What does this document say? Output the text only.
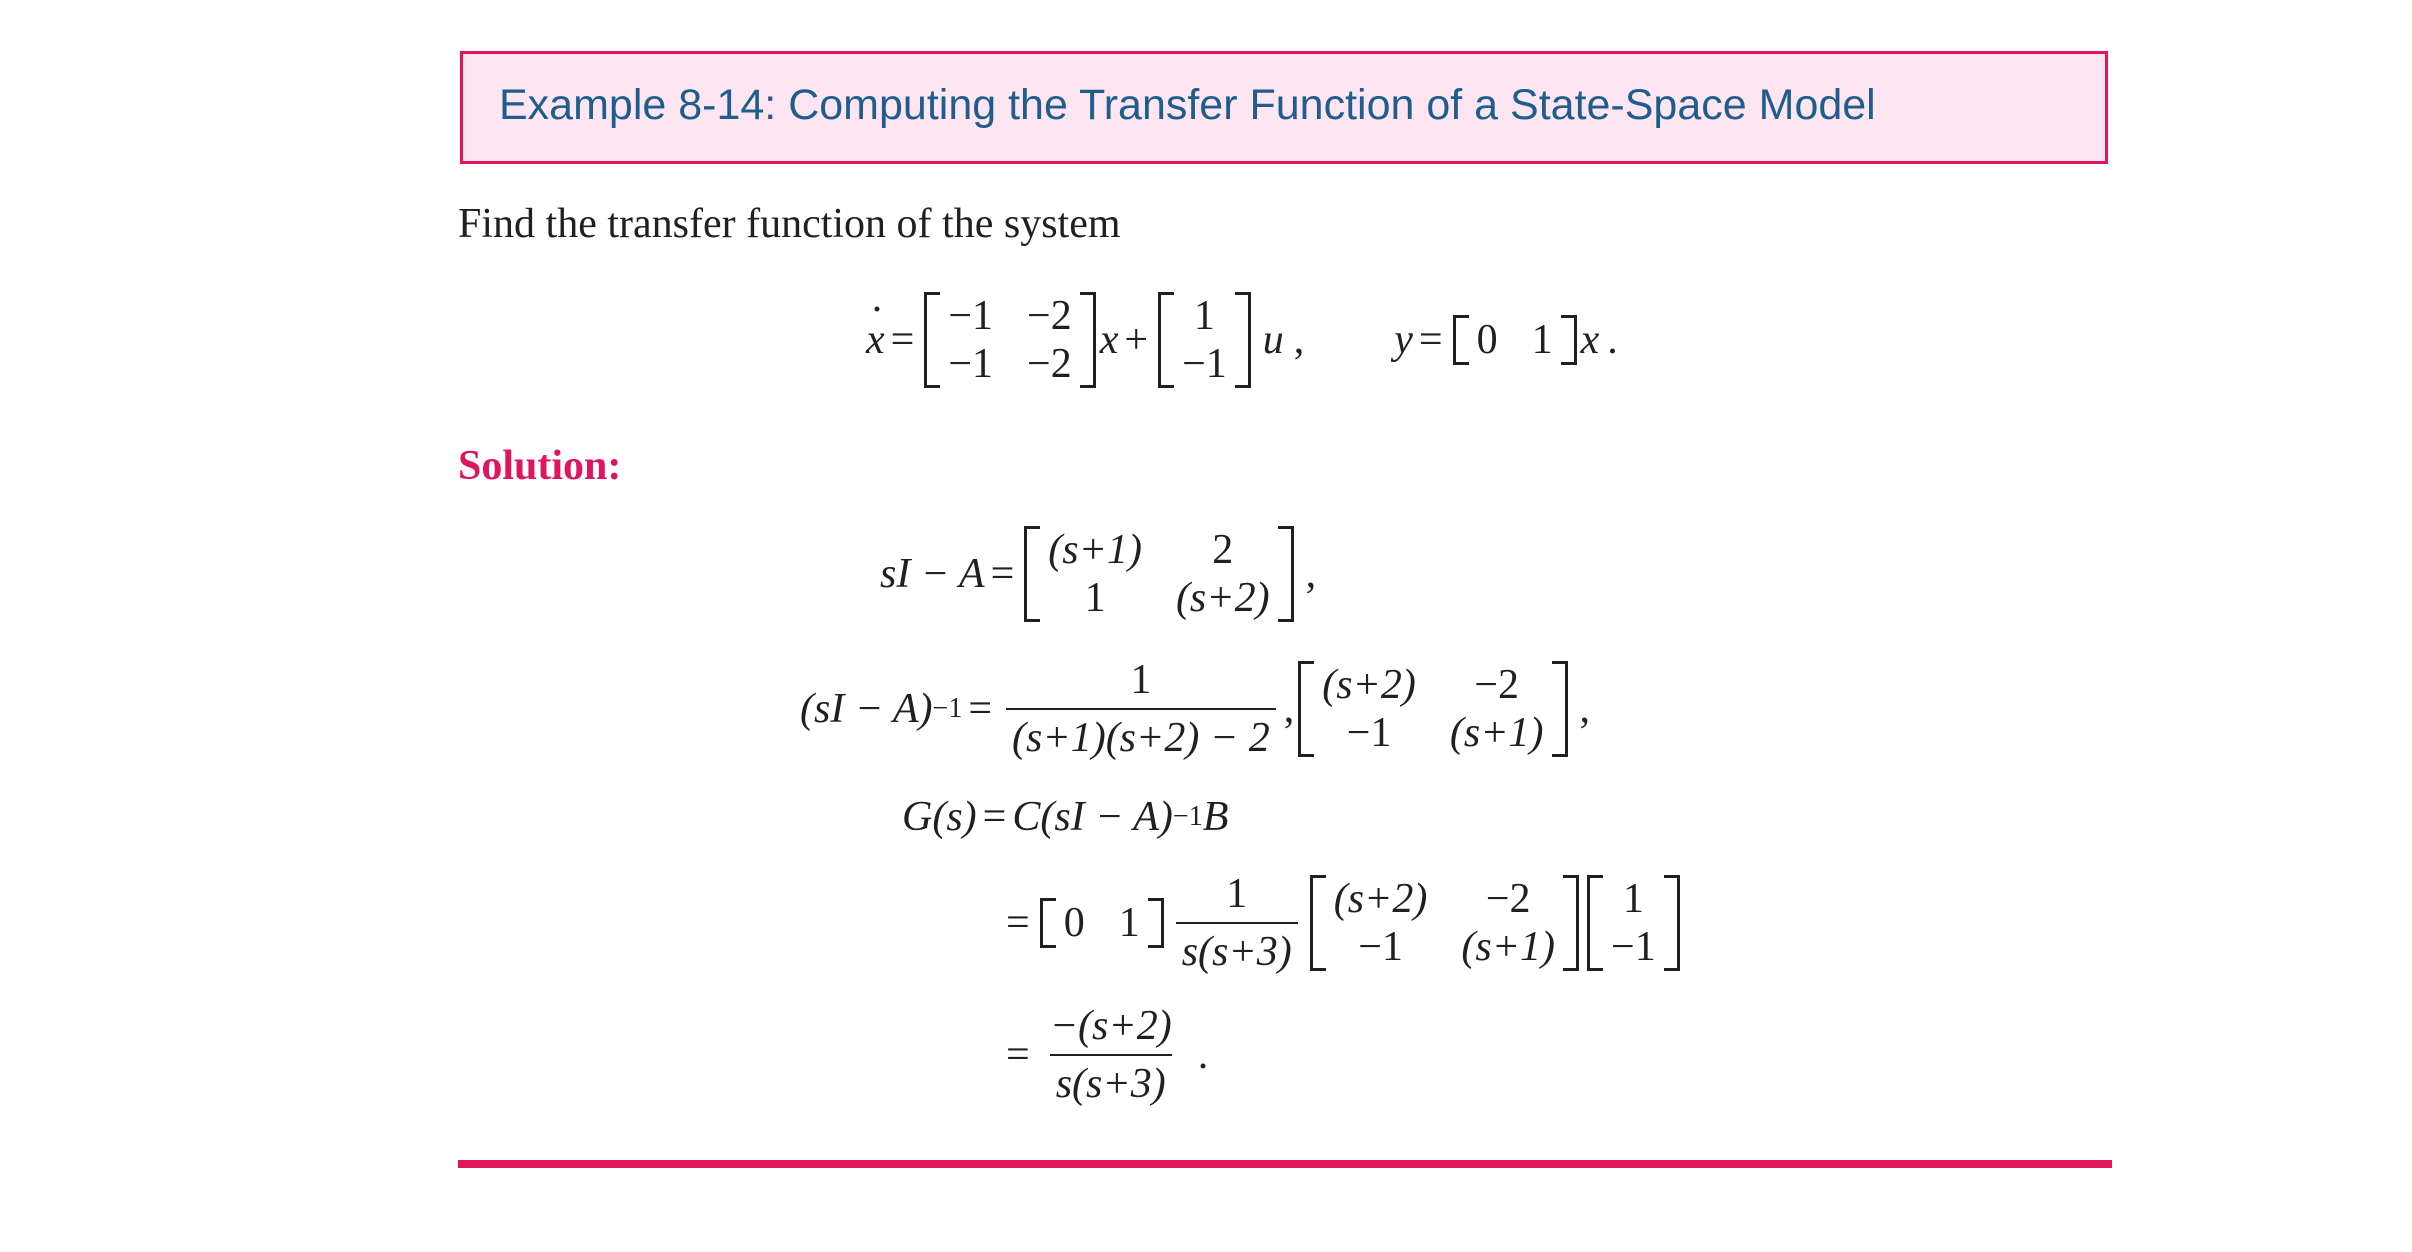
Example 8-14: Computing the Transfer Function of a State-Space Model
Find the transfer function of the system
· x =
−1 −2
−1 −2
x +
1
−1
u , y = 0 1 x .
Solution:
sI − A =
(s+1)	2
1	(s+2)
,
$(sI - A) -1 = \frac{1}{(s+1)(s+2) - 2}$ ,
(s+2)	−2
−1	(s+1)
,
G(s) = C(sI − A) −1 B
= 0 $1 \frac{1}{s(s+3)} (s+2)$	−2
−1	(s+1)
1
−1
= $\frac{-(s+2)}{s(s+3)}$ .
